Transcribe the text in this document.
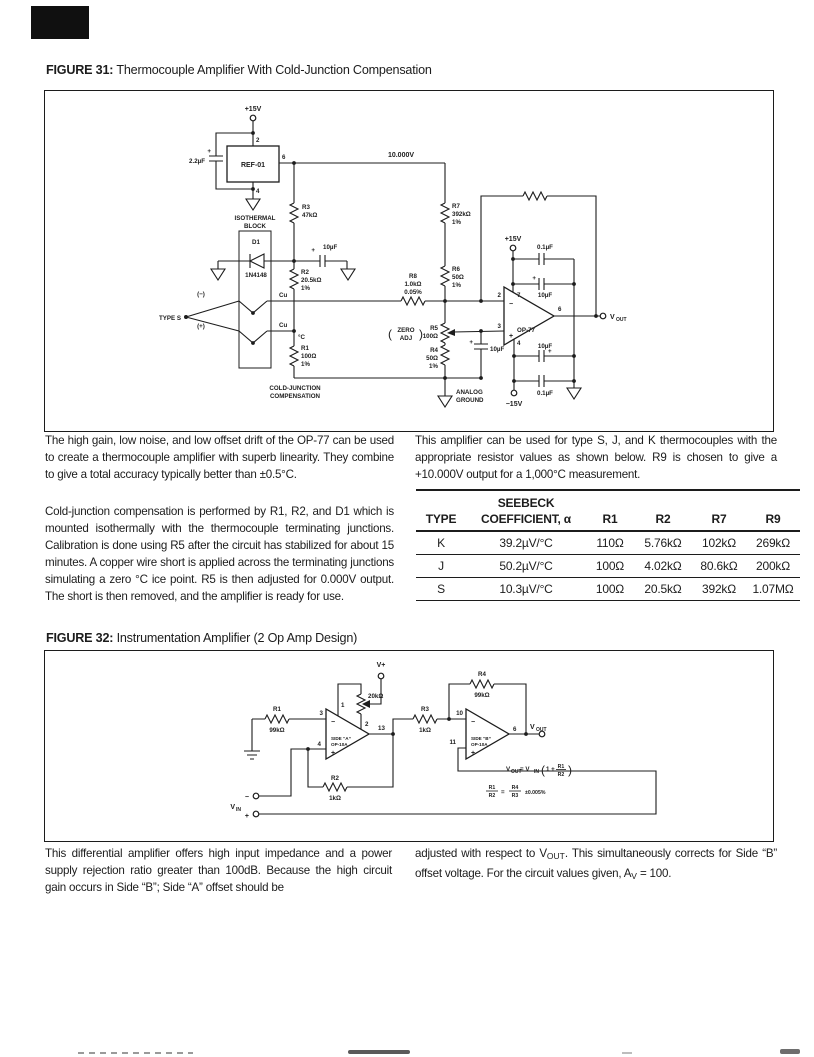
FIGURE 31: Thermocouple Amplifier With Cold-Junction Compensation
+15V
+
2.2µF
REF-01
2
6
4
10.000V
R3
47kΩ
ISOTHERMAL
BLOCK
D1
1N4148
+ 10µF
R2
20.5kΩ
1%
(−)
(+)
TYPE S
Cu
Cu
°C
R1
100Ω
1%
COLD-JUNCTION
COMPENSATION
R8
1.0kΩ
0.05%
R7
392kΩ
1%
R6
50Ω
1%
( ZERO
ADJ ) R5
100Ω
R4
50Ω
1%
ANALOG
GROUND
+15V
0.1µF
+
10µF
10µF
+
0.1µF
+
10µF
−15V
OP-77
−
+
2
3
7
4
6
V OUT
The high gain, low noise, and low offset drift of the OP-77 can be used to create a thermocouple amplifier with superb linearity. They combine to give a total accuracy typically better than ±0.5°C.
Cold-junction compensation is performed by R1, R2, and D1 which is mounted isothermally with the thermocouple terminating junctions. Calibration is done using R5 after the circuit has stabilized for about 15 minutes. A copper wire short is applied across the terminating junctions simulating a zero °C ice point. R5 is then adjusted for 0.000V output. The short is then removed, and the amplifier is ready for use.
This amplifier can be used for type S, J, and K thermocouples with the appropriate resistor values as shown below. R9 is chosen to give a +10.000V output for a 1,000°C measurement.
	SEEBECK				
TYPE	COEFFICIENT, α	R1	R2	R7	R9
K	39.2µV/°C	110Ω	5.76kΩ	102kΩ	269kΩ
J	50.2µV/°C	100Ω	4.02kΩ	80.6kΩ	200kΩ
S	10.3µV/°C	100Ω	20.5kΩ	392kΩ	1.07MΩ
FIGURE 32: Instrumentation Amplifier (2 Op Amp Design)
V+
20kΩ
R1
99kΩ
R2
1kΩ
R3
1kΩ
R4
99kΩ
1
2
3
4
13
10
11
6
SIDE “A”
OP-10A
SIDE “B”
OP-10A
−
+
−
+
−
+
V IN
V OUT
V OUT
= V IN ( 1 + R1
R2 )
R1
R2 =
R4
R3 ±0.005%
This differential amplifier offers high input impedance and a power supply rejection ratio greater than 100dB. Because the high circuit gain occurs in Side “B”; Side “A” offset should be
adjusted with respect to $V_{OUT}$. This simultaneously corrects for Side “B” offset voltage. For the circuit values given, $A_V = 100$.
